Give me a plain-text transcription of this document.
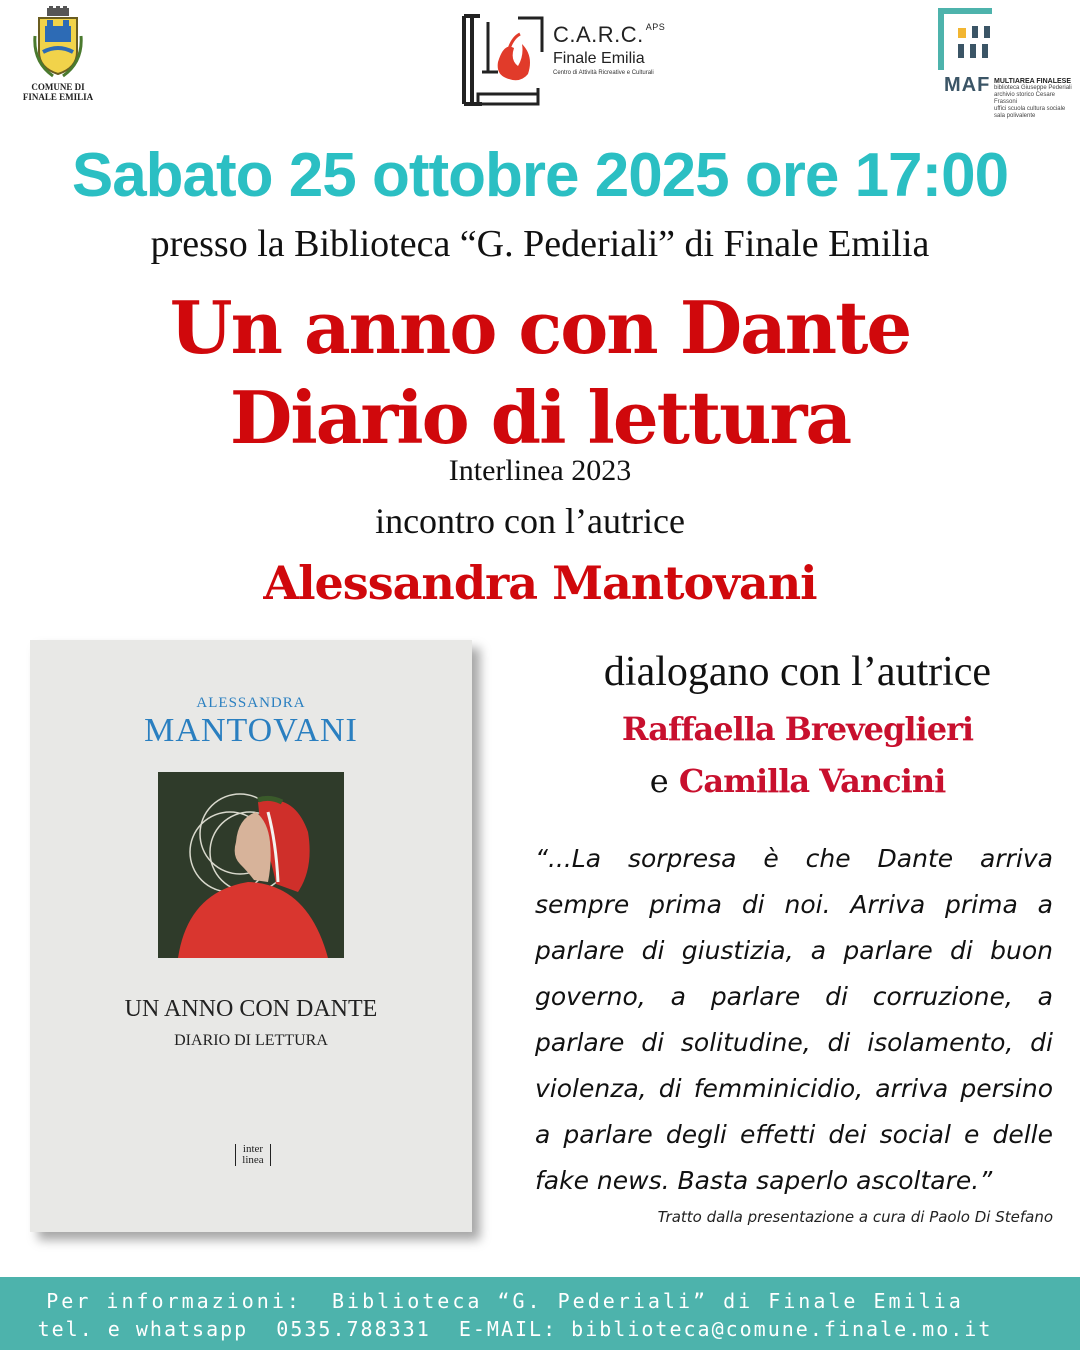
COMUNE DI
FINALE EMILIA
C.A.R.C. $^{APS}$
Finale Emilia
Centro di Attività Ricreative e Culturali
MAF MULTIAREA FINALESE
biblioteca Giuseppe Pederiali
archivio storico Cesare Frassoni
uffici scuola cultura sociale
sala polivalente
Sabato 25 ottobre 2025 ore 17:00
presso la Biblioteca “G. Pederiali” di Finale Emilia
Un anno con Dante
Diario di lettura
Interlinea 2023
incontro con l’autrice
Alessandra Mantovani
ALESSANDRA
MANTOVANI
UN ANNO CON DANTE
DIARIO DI LETTURA
inter
linea
dialogano con l’autrice
Raffaella Breveglieri
e Camilla Vancini
“...La sorpresa è che Dante arriva sempre prima di noi. Arriva prima a parlare di giustizia, a parlare di buon governo, a parlare di corruzione, a parlare di solitudine, di isolamento, di violenza, di femminicidio, arriva persino a parlare degli effetti dei social e delle fake news. Basta saperlo ascoltare.”
Tratto dalla presentazione a cura di Paolo Di Stefano
Per informazioni:  Biblioteca “G. Pederiali” di Finale Emilia
tel. e whatsapp  0535.788331  E-MAIL: biblioteca@comune.finale.mo.it
